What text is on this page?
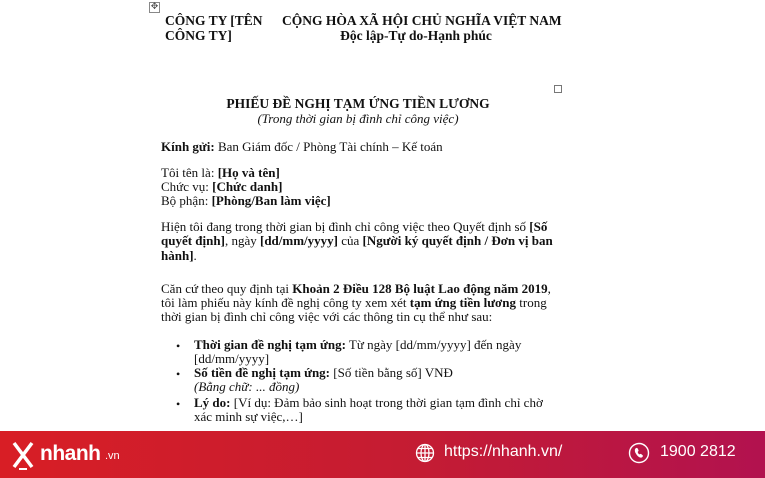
✥
CÔNG TY [TÊN
CÔNG TY]
CỘNG HÒA XÃ HỘI CHỦ NGHĨA VIỆT NAM
Độc lập-Tự do-Hạnh phúc
PHIẾU ĐỀ NGHỊ TẠM ỨNG TIỀN LƯƠNG
(Trong thời gian bị đình chỉ công việc)
Kính gửi: Ban Giám đốc / Phòng Tài chính – Kế toán
Tôi tên là: [Họ và tên]
Chức vụ: [Chức danh]
Bộ phận: [Phòng/Ban làm việc]
Hiện tôi đang trong thời gian bị đình chỉ công việc theo Quyết định số [Số
quyết định], ngày [dd/mm/yyyy] của [Người ký quyết định / Đơn vị ban
hành].
Căn cứ theo quy định tại Khoản 2 Điều 128 Bộ luật Lao động năm 2019,
tôi làm phiếu này kính đề nghị công ty xem xét tạm ứng tiền lương trong
thời gian bị đình chỉ công việc với các thông tin cụ thể như sau:
• Thời gian đề nghị tạm ứng: Từ ngày [dd/mm/yyyy] đến ngày
[dd/mm/yyyy]
• Số tiền đề nghị tạm ứng: [Số tiền bằng số] VNĐ
(Bằng chữ: ... đồng)
• Lý do: [Ví dụ: Đảm bảo sinh hoạt trong thời gian tạm đình chỉ chờ
xác minh sự việc,…]
nhanh .vn	https://nhanh.vn/	1900 2812
